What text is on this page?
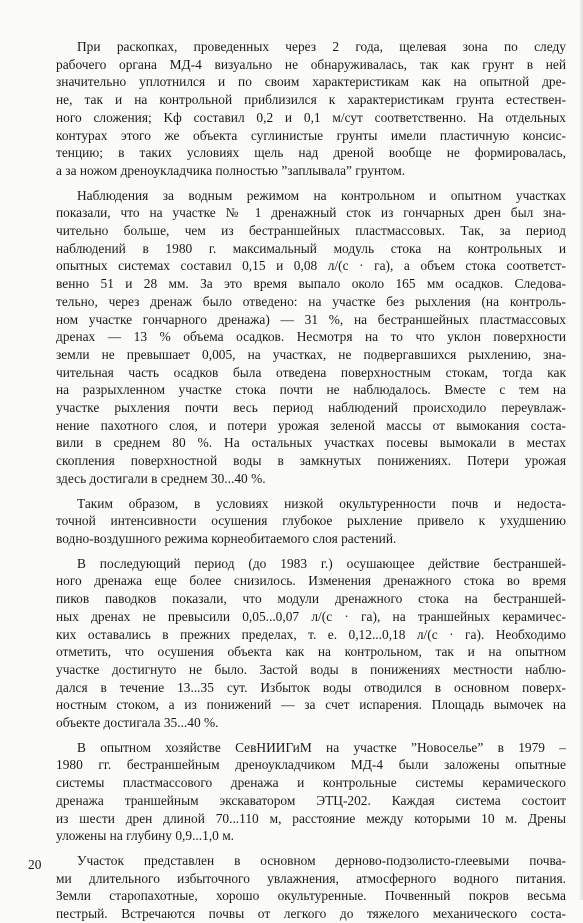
При раскопках, проведенных через 2 года, щелевая зона по следу
рабочего органа МД-4 визуально не обнаруживалась, так как грунт в ней
значительно уплотнился и по своим характеристикам как на опытной дре-
не, так и на контрольной приблизился к характеристикам грунта естествен-
ного сложения; Kф составил 0,2 и 0,1 м/сут соответственно. На отдельных
контурах этого же объекта суглинистые грунты имели пластичную консис-
тенцию; в таких условиях щель над дреной вообще не формировалась,
а за ножом дреноукладчика полностью ”заплывала” грунтом.
Наблюдения за водным режимом на контрольном и опытном участках
показали, что на участке № 1 дренажный сток из гончарных дрен был зна-
чительно больше, чем из бестраншейных пластмассовых. Так, за период
наблюдений в 1980 г. максимальный модуль стока на контрольных и
опытных системах составил 0,15 и 0,08 л/(с · га), а объем стока соответст-
венно 51 и 28 мм. За это время выпало около 165 мм осадков. Следова-
тельно, через дренаж было отведено: на участке без рыхления (на контроль-
ном участке гончарного дренажа) — 31 %, на бестраншейных пластмассовых
дренах — 13 % объема осадков. Несмотря на то что уклон поверхности
земли не превышает 0,005, на участках, не подвергавшихся рыхлению, зна-
чительная часть осадков была отведена поверхностным стокам, тогда как
на разрыхленном участке стока почти не наблюдалось. Вместе с тем на
участке рыхления почти весь период наблюдений происходило переувлаж-
нение пахотного слоя, и потери урожая зеленой массы от вымокания соста-
вили в среднем 80 %. На остальных участках посевы вымокали в местах
скопления поверхностной воды в замкнутых понижениях. Потери урожая
здесь достигали в среднем 30...40 %.
Таким образом, в условиях низкой окультуренности почв и недоста-
точной интенсивности осушения глубокое рыхление привело к ухудшению
водно-воздушного режима корнеобитаемого слоя растений.
В последующий период (до 1983 г.) осушающее действие бестраншей-
ного дренажа еще более снизилось. Изменения дренажного стока во время
пиков паводков показали, что модули дренажного стока на бестраншей-
ных дренах не превысили 0,05...0,07 л/(с · га), на траншейных керамичес-
ких оставались в прежних пределах, т. е. 0,12...0,18 л/(с · га). Необходимо
отметить, что осушения объекта как на контрольном, так и на опытном
участке достигнуто не было. Застой воды в понижениях местности наблю-
дался в течение 13...35 сут. Избыток воды отводился в основном поверх-
ностным стоком, а из понижений — за счет испарения. Площадь вымочек на
объекте достигала 35...40 %.
В опытном хозяйстве СевНИИГиМ на участке ”Новоселье” в 1979 –
1980 гг. бестраншейным дреноукладчиком МД-4 были заложены опытные
системы пластмассового дренажа и контрольные системы керамического
дренажа траншейным экскаватором ЭТЦ-202. Каждая система состоит
из шести дрен длиной 70...110 м, расстояние между которыми 10 м. Дрены
уложены на глубину 0,9...1,0 м.
Участок представлен в основном дерново-подзолисто-глеевыми почва-
ми длительного избыточного увлажнения, атмосферного водного питания.
Земли старопахотные, хорошо окультуренные. Почвенный покров весьма
пестрый. Встречаются почвы от легкого до тяжелого механического соста-
20
